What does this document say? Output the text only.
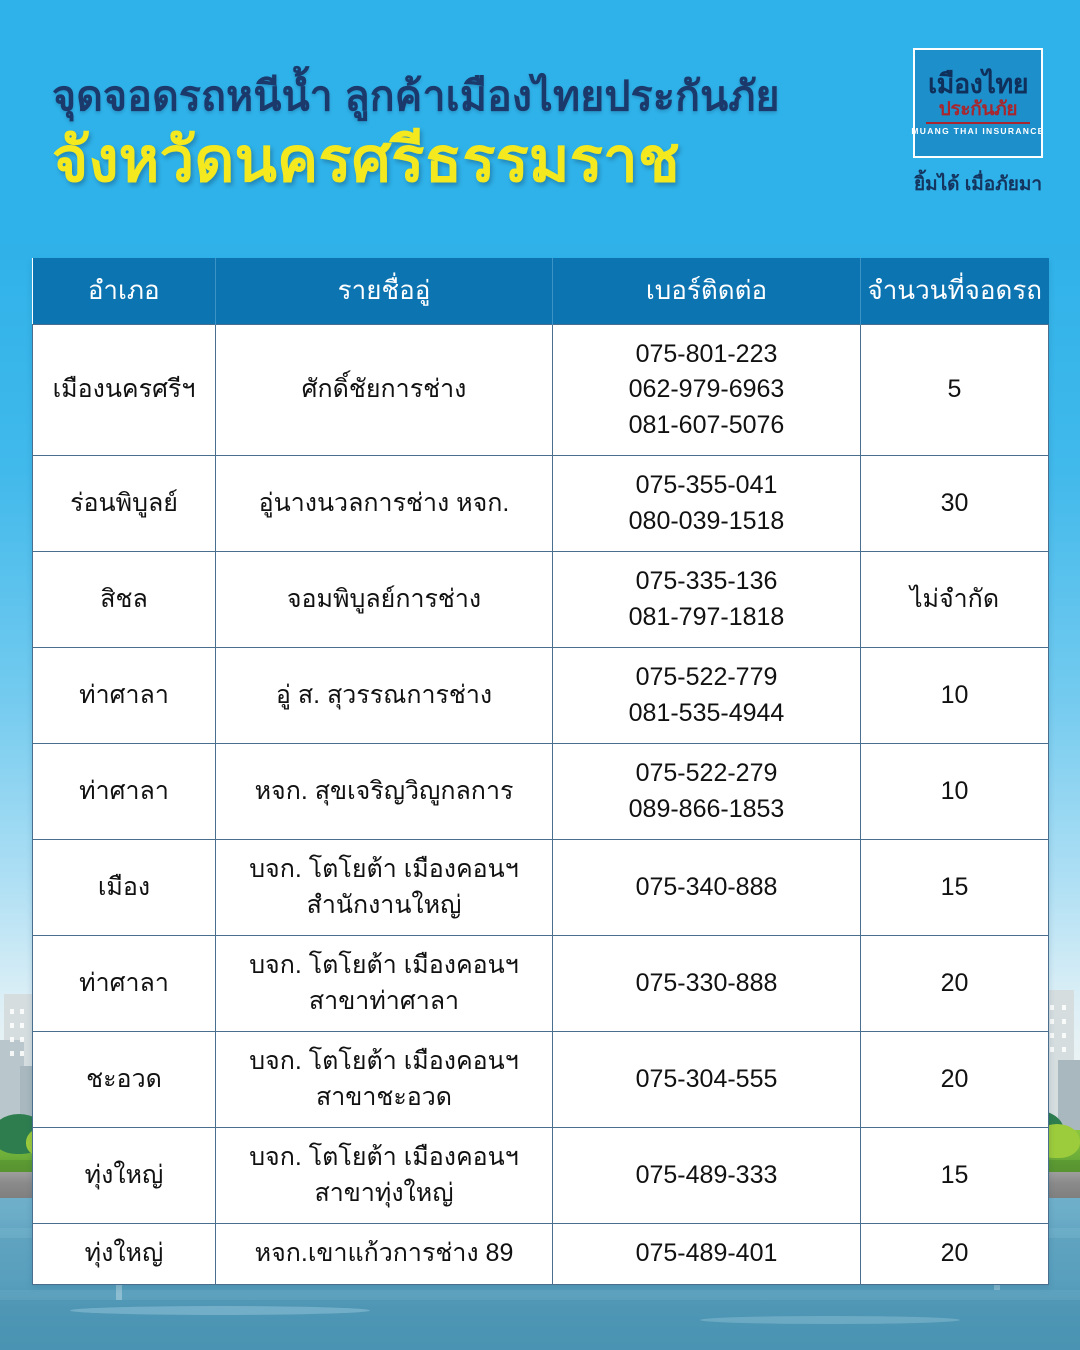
จุดจอดรถหนีน้ำ ลูกค้าเมืองไทยประกันภัย
จังหวัดนครศรีธรรมราช
เมืองไทย
ประกันภัย
MUANG THAI INSURANCE
ยิ้มได้ เมื่อภัยมา
อำเภอ	รายชื่ออู่	เบอร์ติดต่อ	จำนวนที่จอดรถ
เมืองนครศรีฯ	ศักดิ์ชัยการช่าง	075-801-223
062-979-6963
081-607-5076	5
ร่อนพิบูลย์	อู่นางนวลการช่าง หจก.	075-355-041
080-039-1518	30
สิชล	จอมพิบูลย์การช่าง	075-335-136
081-797-1818	ไม่จำกัด
ท่าศาลา	อู่ ส. สุวรรณการช่าง	075-522-779
081-535-4944	10
ท่าศาลา	หจก. สุขเจริญวิญูกลการ	075-522-279
089-866-1853	10
เมือง	บจก. โตโยต้า เมืองคอนฯ
สำนักงานใหญ่	075-340-888	15
ท่าศาลา	บจก. โตโยต้า เมืองคอนฯ
สาขาท่าศาลา	075-330-888	20
ชะอวด	บจก. โตโยต้า เมืองคอนฯ
สาขาชะอวด	075-304-555	20
ทุ่งใหญ่	บจก. โตโยต้า เมืองคอนฯ
สาขาทุ่งใหญ่	075-489-333	15
ทุ่งใหญ่	หจก.เขาแก้วการช่าง 89	075-489-401	20
